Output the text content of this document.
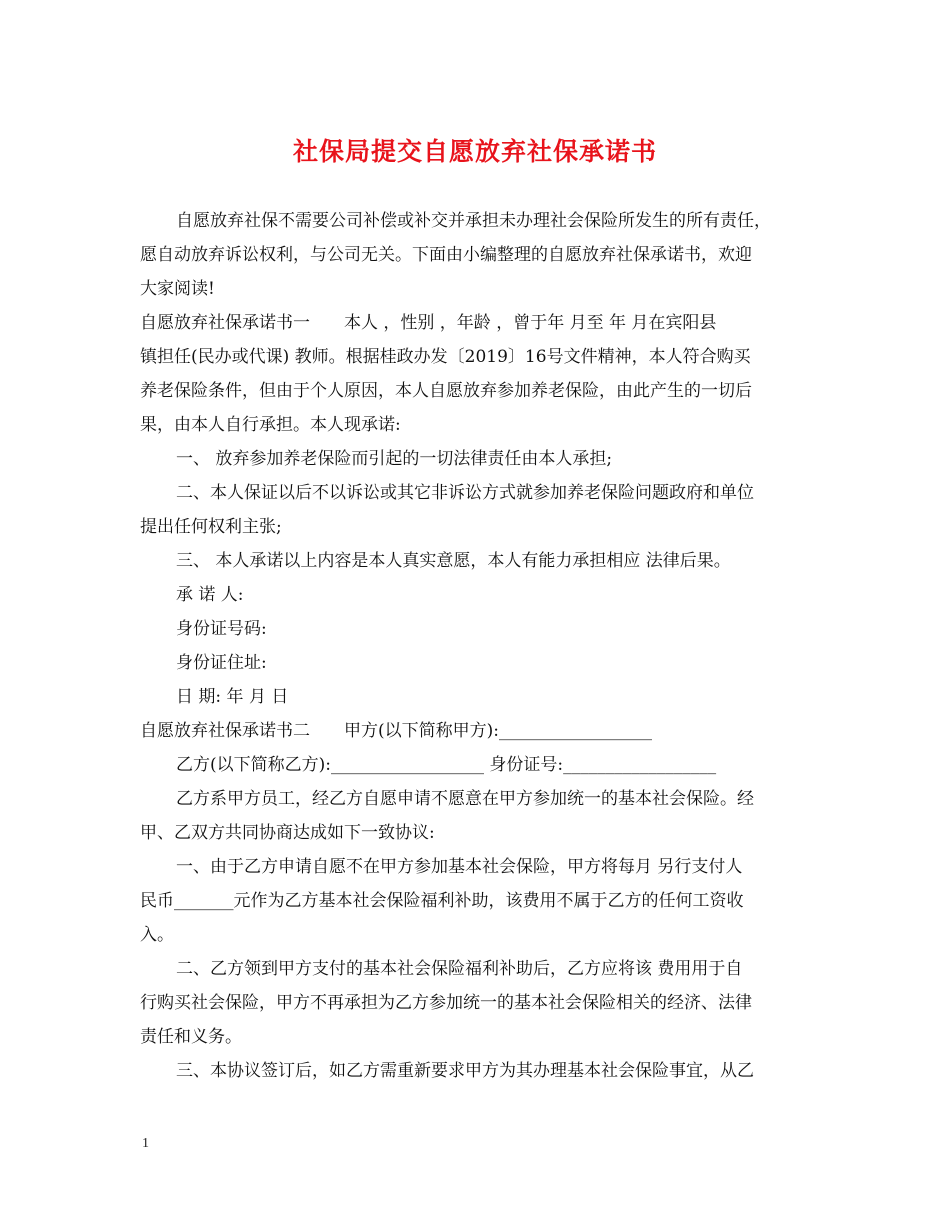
社保局提交自愿放弃社保承诺书
自愿放弃社保不需要公司补偿或补交并承担未办理社会保险所发生的所有责任，
愿自动放弃诉讼权利，与公司无关。下面由小编整理的自愿放弃社保承诺书，欢迎
大家阅读!
自愿放弃社保承诺书一　　本人 ，性别 ，年龄 ，曾于年 月至 年 月在宾阳县
镇担任(民办或代课) 教师。根据桂政办发〔2019〕16号文件精神，本人符合购买
养老保险条件，但由于个人原因，本人自愿放弃参加养老保险，由此产生的一切后
果，由本人自行承担。本人现承诺:
一、 放弃参加养老保险而引起的一切法律责任由本人承担;
二、本人保证以后不以诉讼或其它非诉讼方式就参加养老保险问题政府和单位
提出任何权利主张;
三、 本人承诺以上内容是本人真实意愿，本人有能力承担相应 法律后果。
承 诺 人:
身份证号码:
身份证住址:
日 期: 年 月 日
自愿放弃社保承诺书二　　甲方(以下简称甲方):__________________
乙方(以下简称乙方):__________________ 身份证号:__________________
乙方系甲方员工，经乙方自愿申请不愿意在甲方参加统一的基本社会保险。经
甲、乙双方共同协商达成如下一致协议:
一、由于乙方申请自愿不在甲方参加基本社会保险，甲方将每月 另行支付人
民币_______元作为乙方基本社会保险福利补助，该费用不属于乙方的任何工资收
入。
二、乙方领到甲方支付的基本社会保险福利补助后，乙方应将该 费用用于自
行购买社会保险，甲方不再承担为乙方参加统一的基本社会保险相关的经济、法律
责任和义务。
三、本协议签订后，如乙方需重新要求甲方为其办理基本社会保险事宜，从乙
1
